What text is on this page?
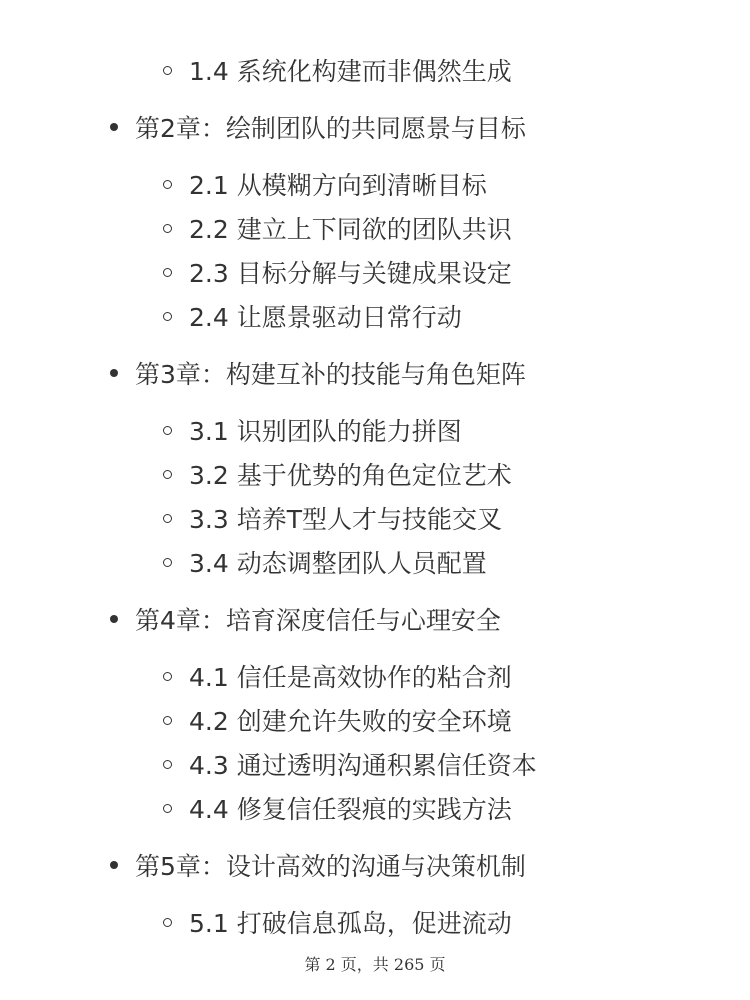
1.4 系统化构建而非偶然生成
第2章：绘制团队的共同愿景与目标
2.1 从模糊方向到清晰目标
2.2 建立上下同欲的团队共识
2.3 目标分解与关键成果设定
2.4 让愿景驱动日常行动
第3章：构建互补的技能与角色矩阵
3.1 识别团队的能力拼图
3.2 基于优势的角色定位艺术
3.3 培养T型人才与技能交叉
3.4 动态调整团队人员配置
第4章：培育深度信任与心理安全
4.1 信任是高效协作的粘合剂
4.2 创建允许失败的安全环境
4.3 通过透明沟通积累信任资本
4.4 修复信任裂痕的实践方法
第5章：设计高效的沟通与决策机制
5.1 打破信息孤岛，促进流动
第 2 页，共 265 页
